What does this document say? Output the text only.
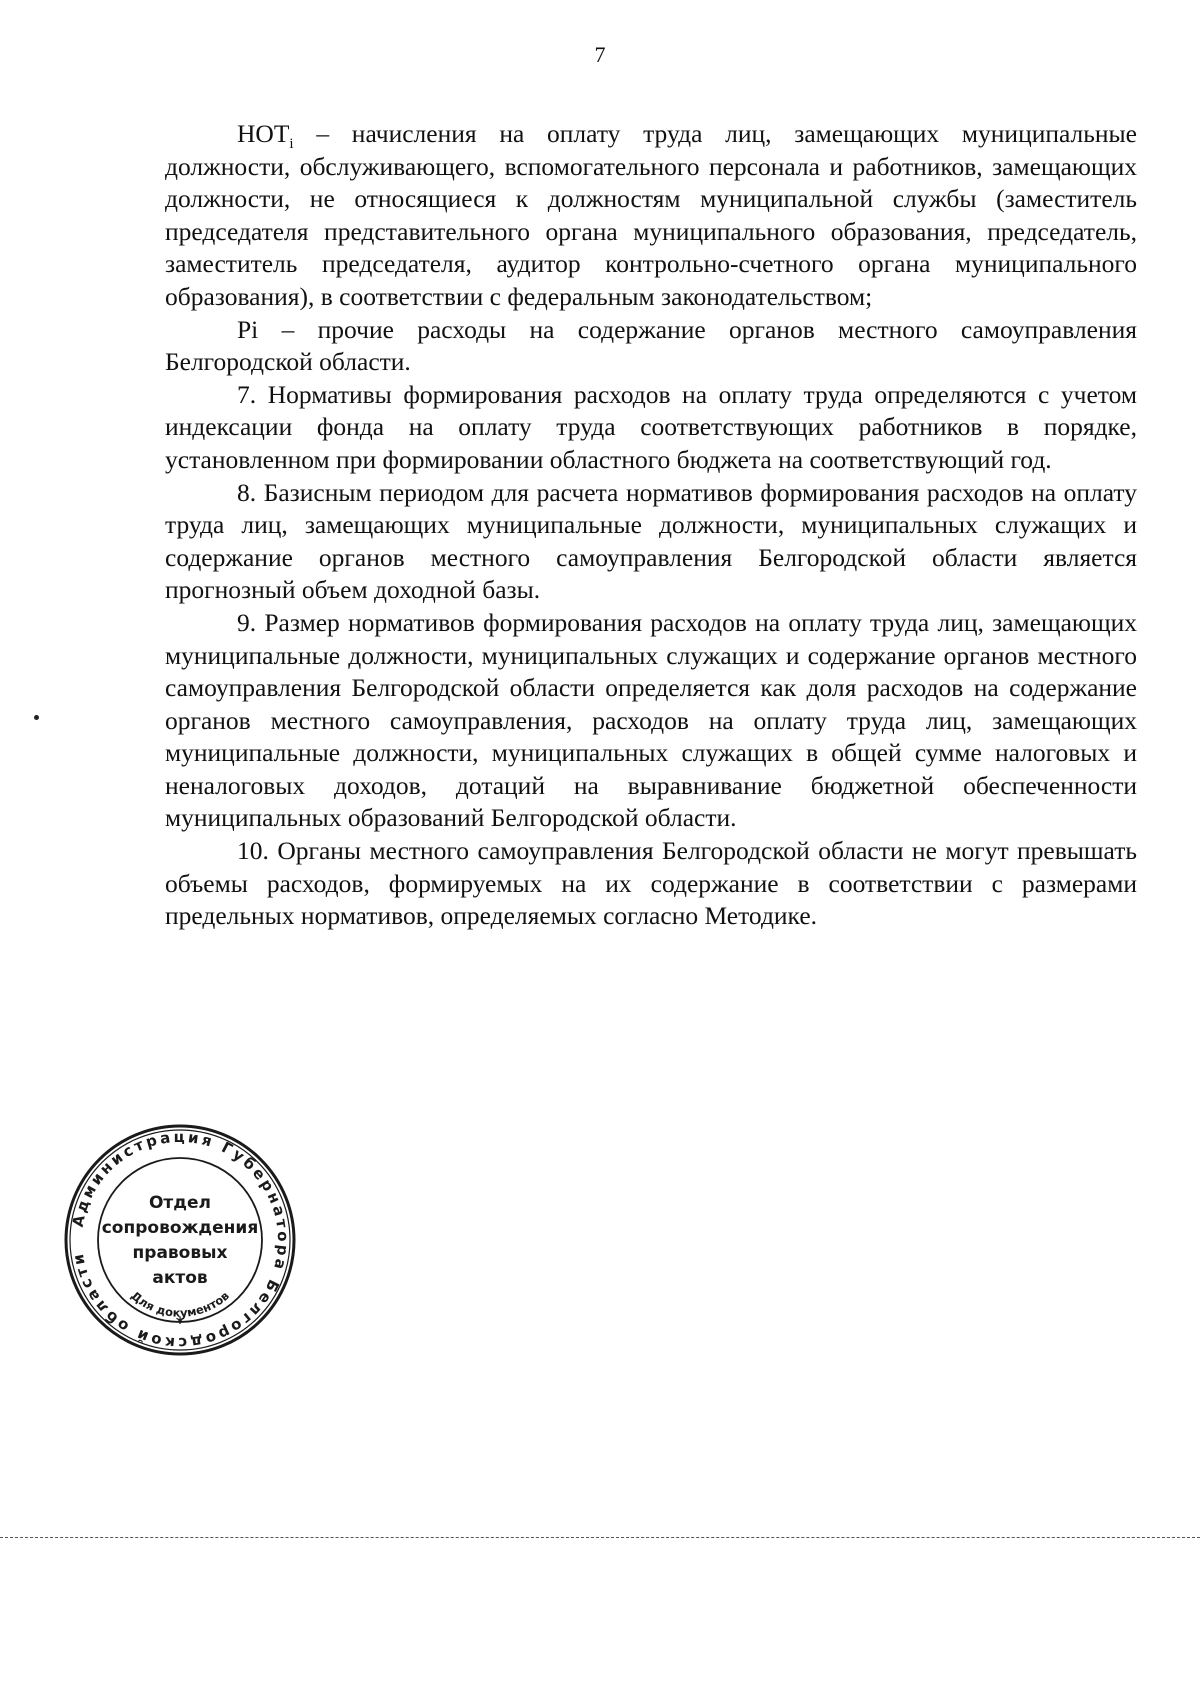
7

$НОТ_i$ – начисления на оплату труда лиц, замещающих муниципальные должности, обслуживающего, вспомогательного персонала и работников, замещающих должности, не относящиеся к должностям муниципальной службы (заместитель председателя представительного органа муниципального образования, председатель, заместитель председателя, аудитор контрольно-счетного органа муниципального образования), в соответствии с федеральным законодательством;

Pi – прочие расходы на содержание органов местного самоуправления Белгородской области.

7. Нормативы формирования расходов на оплату труда определяются с учетом индексации фонда на оплату труда соответствующих работников в порядке, установленном при формировании областного бюджета на соответствующий год.

8. Базисным периодом для расчета нормативов формирования расходов на оплату труда лиц, замещающих муниципальные должности, муниципальных служащих и содержание органов местного самоуправления Белгородской области является прогнозный объем доходной базы.

9. Размер нормативов формирования расходов на оплату труда лиц, замещающих муниципальные должности, муниципальных служащих и содержание органов местного самоуправления Белгородской области определяется как доля расходов на содержание органов местного самоуправления, расходов на оплату труда лиц, замещающих муниципальные должности, муниципальных служащих в общей сумме налоговых и неналоговых доходов, дотаций на выравнивание бюджетной обеспеченности муниципальных образований Белгородской области.

10. Органы местного самоуправления Белгородской области не могут превышать объемы расходов, формируемых на их содержание в соответствии с размерами предельных нормативов, определяемых согласно Методике.

Администрация Губернатора Белгородской области
Отдел
сопровождения
правовых
актов
Для документов
*
